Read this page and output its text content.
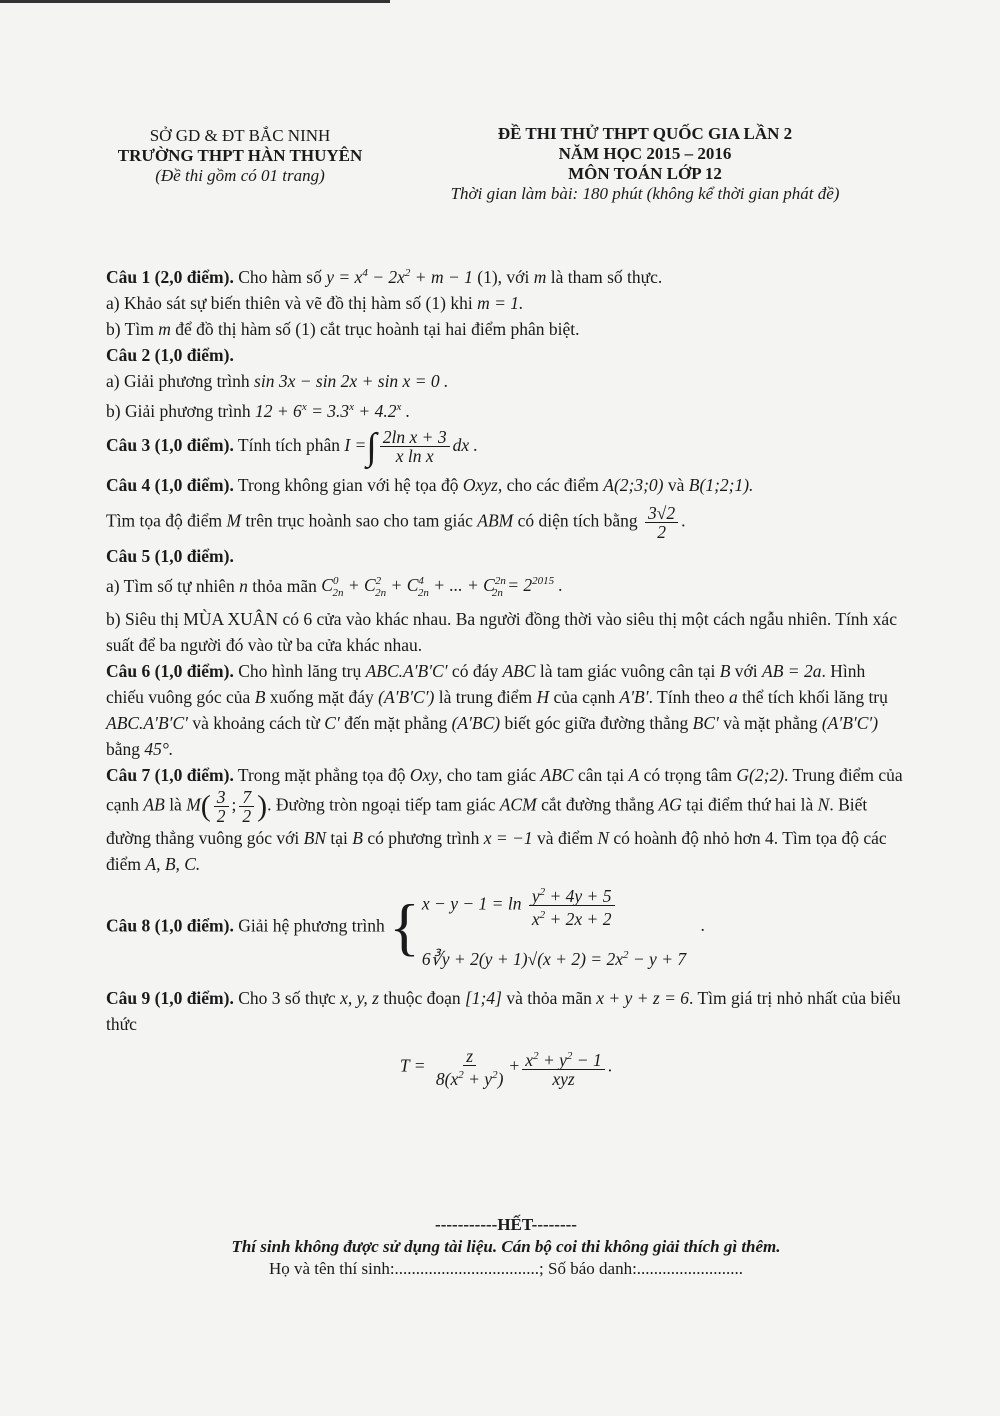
SỞ GD & ĐT BẮC NINH
TRƯỜNG THPT HÀN THUYÊN
(Đề thi gồm có 01 trang)
ĐỀ THI THỬ THPT QUỐC GIA LẦN 2
NĂM HỌC 2015 – 2016
MÔN TOÁN LỚP 12
Thời gian làm bài: 180 phút (không kể thời gian phát đề)

Câu 1 (2,0 điểm). Cho hàm số $y = x^4 - 2x^2 + m - 1$ (1), với m là tham số thực.

a) Khảo sát sự biến thiên và vẽ đồ thị hàm số (1) khi m = 1.

b) Tìm m để đồ thị hàm số (1) cắt trục hoành tại hai điểm phân biệt.

Câu 2 (1,0 điểm).

a) Giải phương trình sin 3x − sin 2x + sin x = 0 .

b) Giải phương trình $12 + 6^x = 3.3^x + 4.2^x$ .

Câu 3 (1,0 điểm). Tính tích phân I =∫ $\frac{\text{2ln x + 3}}{\text{x ln x}}$ dx .

Câu 4 (1,0 điểm). Trong không gian với hệ tọa độ Oxyz, cho các điểm A(2;3;0) và B(1;2;1).

Tìm tọa độ điểm M trên trục hoành sao cho tam giác ABM có diện tích bằng $\frac{3√2}{2}$ .

Câu 5 (1,0 điểm).

a) Tìm số tự nhiên n thỏa mãn $C^0_{2n} + C^2_{2n} + C^4_{2n}$ + ... + $C^{2n}_{2n} = 2^{2015}$ .

b) Siêu thị MÙA XUÂN có 6 cửa vào khác nhau. Ba người đồng thời vào siêu thị một cách ngẫu nhiên. Tính xác suất để ba người đó vào từ ba cửa khác nhau.

Câu 6 (1,0 điểm). Cho hình lăng trụ ABC.A′B′C′ có đáy ABC là tam giác vuông cân tại B với AB = 2a. Hình chiếu vuông góc của B xuống mặt đáy (A′B′C′) là trung điểm H của cạnh A′B′. Tính theo a thể tích khối lăng trụ ABC.A′B′C′ và khoảng cách từ C′ đến mặt phẳng (A′BC) biết góc giữa đường thẳng BC′ và mặt phẳng (A′B′C′) bằng 45°.

Câu 7 (1,0 điểm). Trong mặt phẳng tọa độ Oxy, cho tam giác ABC cân tại A có trọng tâm G(2;2). Trung điểm của cạnh AB là $M( \frac{3}{2}$ ; $\frac{7}{2}$ ). Đường tròn ngoại tiếp tam giác ACM cắt đường thẳng AG tại điểm thứ hai là N. Biết đường thẳng vuông góc với BN tại B có phương trình x = −1 và điểm N có hoành độ nhỏ hơn 4. Tìm tọa độ các điểm A, B, C.

Câu 8 (1,0 điểm). Giải hệ phương trình { $x - y - 1 = \ln \frac{y^2 + 4y + 5}{x^2 + 2x + 2}$
6∛y + $2(y + 1)√(x + 2) = 2x^2 - y + 7$
.

Câu 9 (1,0 điểm). Cho 3 số thực x, y, z thuộc đoạn [1;4] và thỏa mãn x + y + z = 6. Tìm giá trị nhỏ nhất của biểu thức

$T = \frac{z}{8(x^2 + y^2)} + \frac{x^2 + y^2 - 1}{\text{xyz}}$ .

-----------HẾT--------
Thí sinh không được sử dụng tài liệu. Cán bộ coi thi không giải thích gì thêm.
Họ và tên thí sinh:..................................; Số báo danh:.........................
